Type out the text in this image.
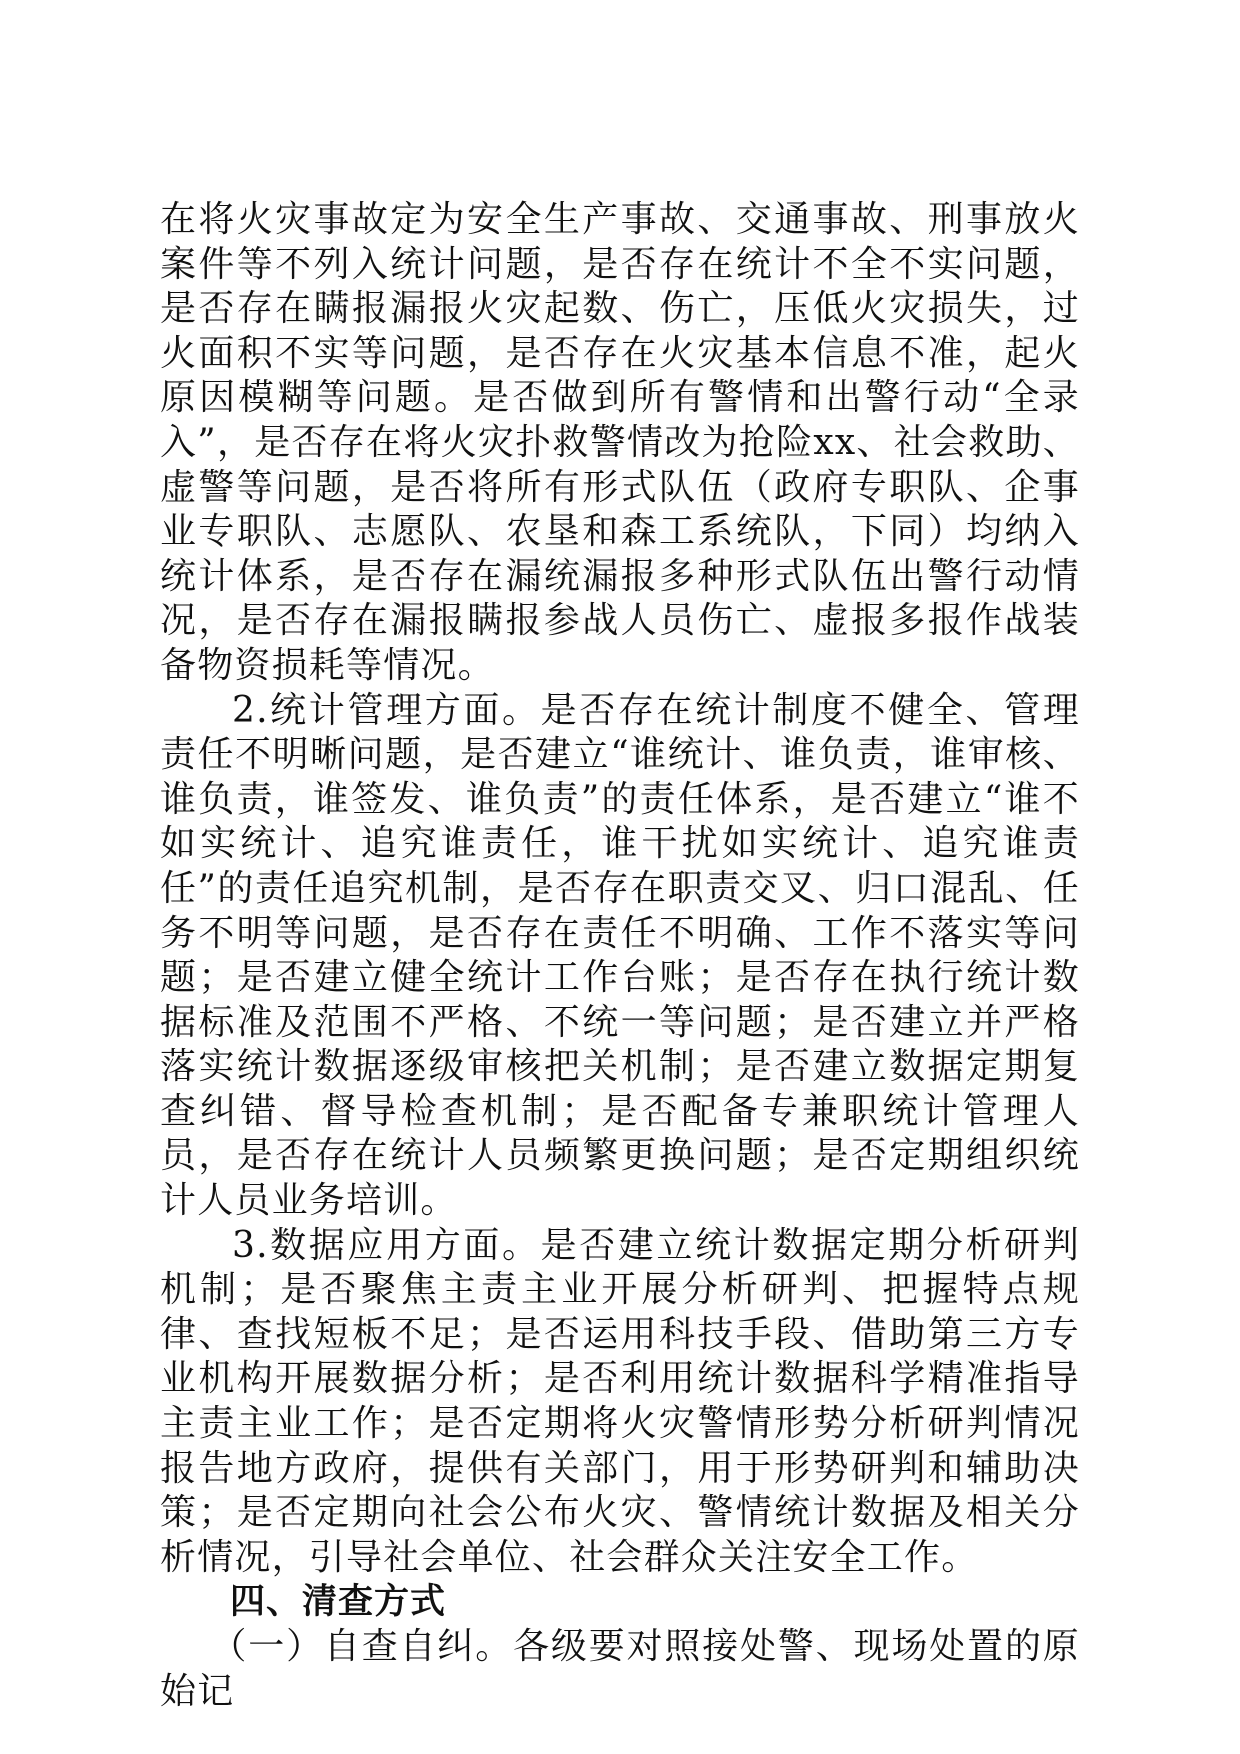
在将火灾事故定为安全生产事故、交通事故、刑事放火案件等不列入统计问题，是否存在统计不全不实问题，是否存在瞒报漏报火灾起数、伤亡，压低火灾损失，过火面积不实等问题，是否存在火灾基本信息不准，起火原因模糊等问题。是否做到所有警情和出警行动“全录入”，是否存在将火灾扑救警情改为抢险xx、社会救助、虚警等问题，是否将所有形式队伍（政府专职队、企事业专职队、志愿队、农垦和森工系统队，下同）均纳入统计体系，是否存在漏统漏报多种形式队伍出警行动情况，是否存在漏报瞒报参战人员伤亡、虚报多报作战装备物资损耗等情况。

2.统计管理方面。是否存在统计制度不健全、管理责任不明晰问题，是否建立“谁统计、谁负责，谁审核、谁负责，谁签发、谁负责”的责任体系，是否建立“谁不如实统计、追究谁责任，谁干扰如实统计、追究谁责任”的责任追究机制，是否存在职责交叉、归口混乱、任务不明等问题，是否存在责任不明确、工作不落实等问题；是否建立健全统计工作台账；是否存在执行统计数据标准及范围不严格、不统一等问题；是否建立并严格落实统计数据逐级审核把关机制；是否建立数据定期复查纠错、督导检查机制；是否配备专兼职统计管理人员，是否存在统计人员频繁更换问题；是否定期组织统计人员业务培训。

3.数据应用方面。是否建立统计数据定期分析研判机制；是否聚焦主责主业开展分析研判、把握特点规律、查找短板不足；是否运用科技手段、借助第三方专业机构开展数据分析；是否利用统计数据科学精准指导主责主业工作；是否定期将火灾警情形势分析研判情况报告地方政府，提供有关部门，用于形势研判和辅助决策；是否定期向社会公布火灾、警情统计数据及相关分析情况，引导社会单位、社会群众关注安全工作。

四、清查方式

（一）自查自纠。各级要对照接处警、现场处置的原始记
